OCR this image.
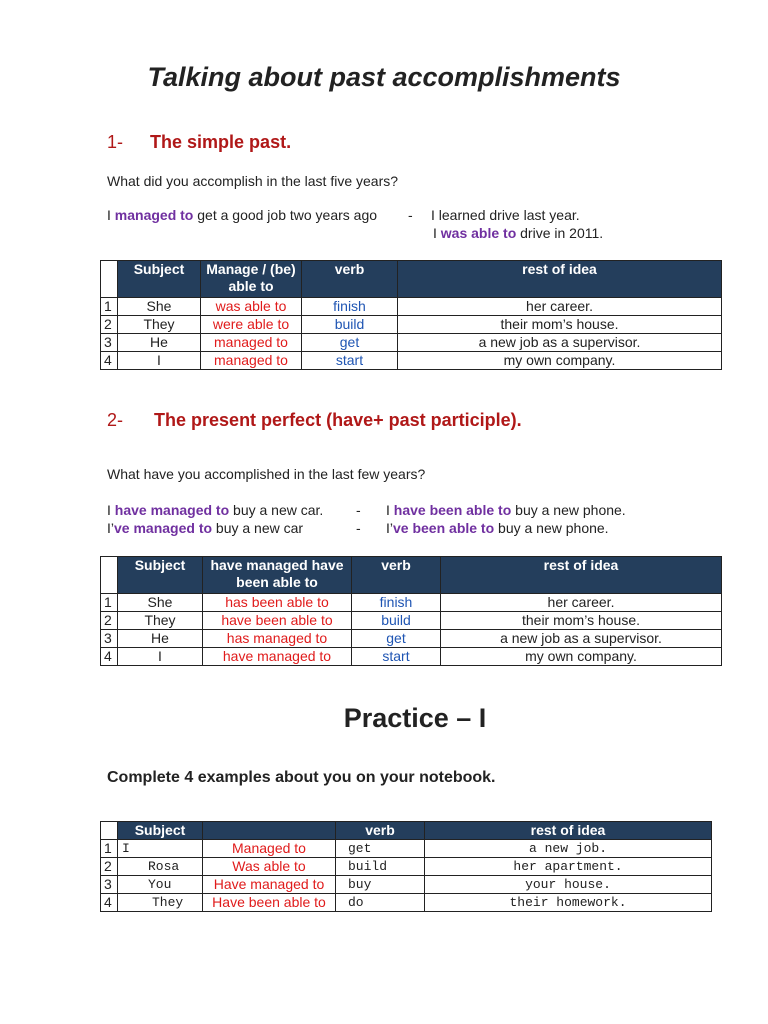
Talking about past accomplishments
1- The simple past.
What did you accomplish in the last five years?
I managed to get a good job two years ago - I learned drive last year.
I was able to drive in 2011.
	Subject	Manage / (be) able to	verb	rest of idea
1	She	was able to	finish	her career.
2	They	were able to	build	their mom’s house.
3	He	managed to	get	a new job as a supervisor.
4	I	managed to	start	my own company.
2- The present perfect (have+ past participle).
What have you accomplished in the last few years?
I have managed to buy a new car. - I have been able to buy a new phone.
I’ve managed to buy a new car	- I’ve been able to buy a new phone.
	Subject	have managed have been able to	verb	rest of idea
1	She	has been able to	finish	her career.
2	They	have been able to	build	their mom’s house.
3	He	has managed to	get	a new job as a supervisor.
4	I	have managed to	start	my own company.
Practice – I
Complete 4 examples about you on your notebook.
	Subject		verb	rest of idea
1	I	Managed to	get	a new job.
2	Rosa	Was able to	build	her apartment.
3	You	Have managed to	buy	your house.
4	They	Have been able to	do	their homework.
